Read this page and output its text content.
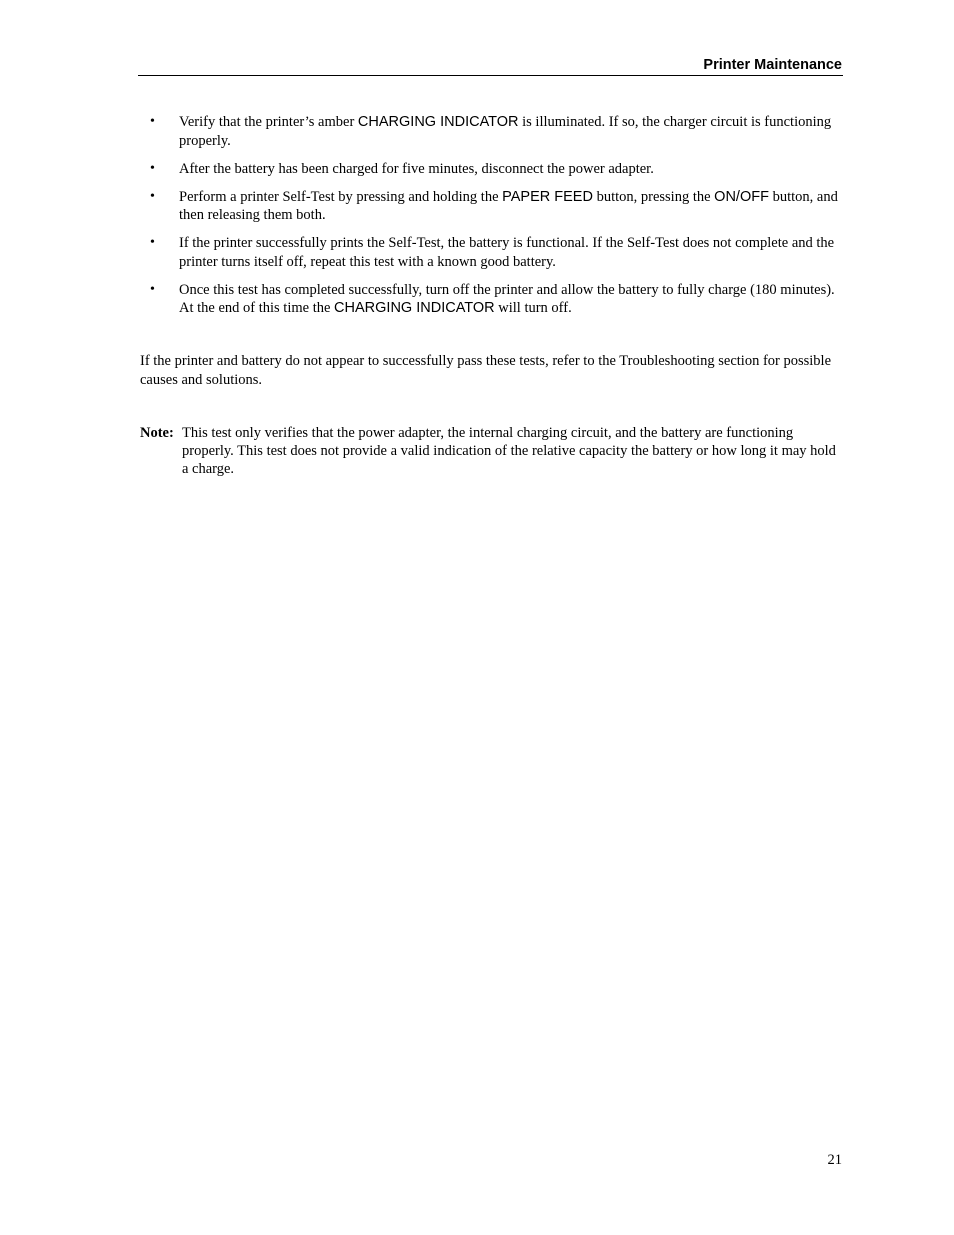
Printer Maintenance
• Verify that the printer’s amber CHARGING INDICATOR is illuminated. If so, the charger circuit is functioning properly.
• After the battery has been charged for five minutes, disconnect the power adapter.
• Perform a printer Self-Test by pressing and holding the PAPER FEED button, pressing the ON/OFF button, and then releasing them both.
• If the printer successfully prints the Self-Test, the battery is functional. If the Self-Test does not complete and the printer turns itself off, repeat this test with a known good battery.
• Once this test has completed successfully, turn off the printer and allow the battery to fully charge (180 minutes). At the end of this time the CHARGING INDICATOR will turn off.

If the printer and battery do not appear to successfully pass these tests, refer to the Troubleshooting section for possible causes and solutions.

Note: This test only verifies that the power adapter, the internal charging circuit, and the battery are functioning properly. This test does not provide a valid indication of the relative capacity the battery or how long it may hold a charge.
21
